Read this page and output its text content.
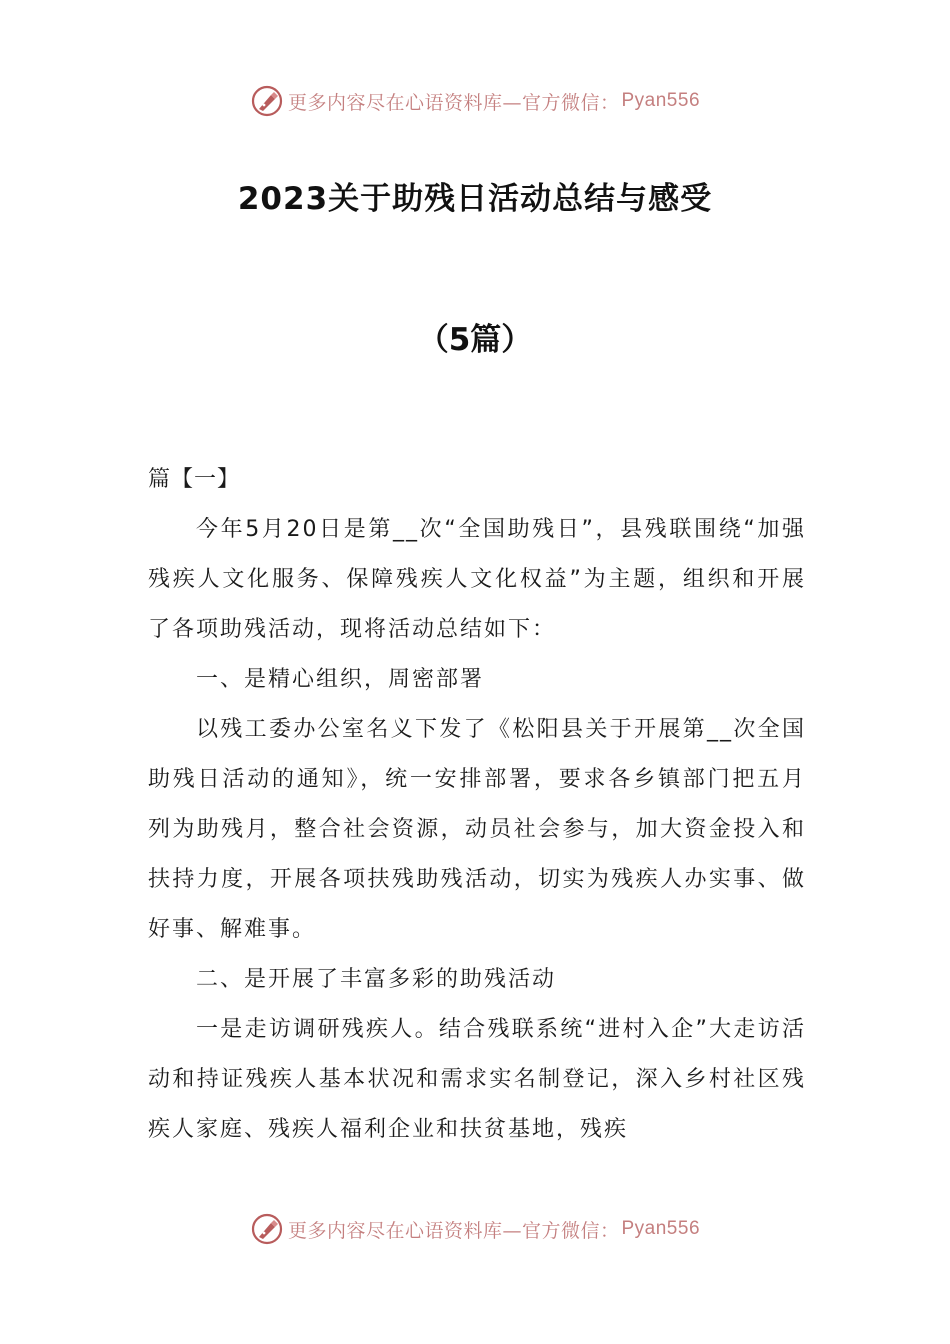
更多内容尽在心语资料库—官方微信： Pyan556
2023关于助残日活动总结与感受
（5篇）

篇【一】

今年5月20日是第__次“全国助残日”，县残联围绕“加强残疾人文化服务、保障残疾人文化权益”为主题，组织和开展了各项助残活动，现将活动总结如下：

一、是精心组织，周密部署

以残工委办公室名义下发了《松阳县关于开展第__次全国助残日活动的通知》，统一安排部署，要求各乡镇部门把五月列为助残月，整合社会资源，动员社会参与，加大资金投入和扶持力度，开展各项扶残助残活动，切实为残疾人办实事、做好事、解难事。

二、是开展了丰富多彩的助残活动

一是走访调研残疾人。结合残联系统“进村入企”大走访活动和持证残疾人基本状况和需求实名制登记，深入乡村社区残疾人家庭、残疾人福利企业和扶贫基地，残疾

更多内容尽在心语资料库—官方微信： Pyan556
